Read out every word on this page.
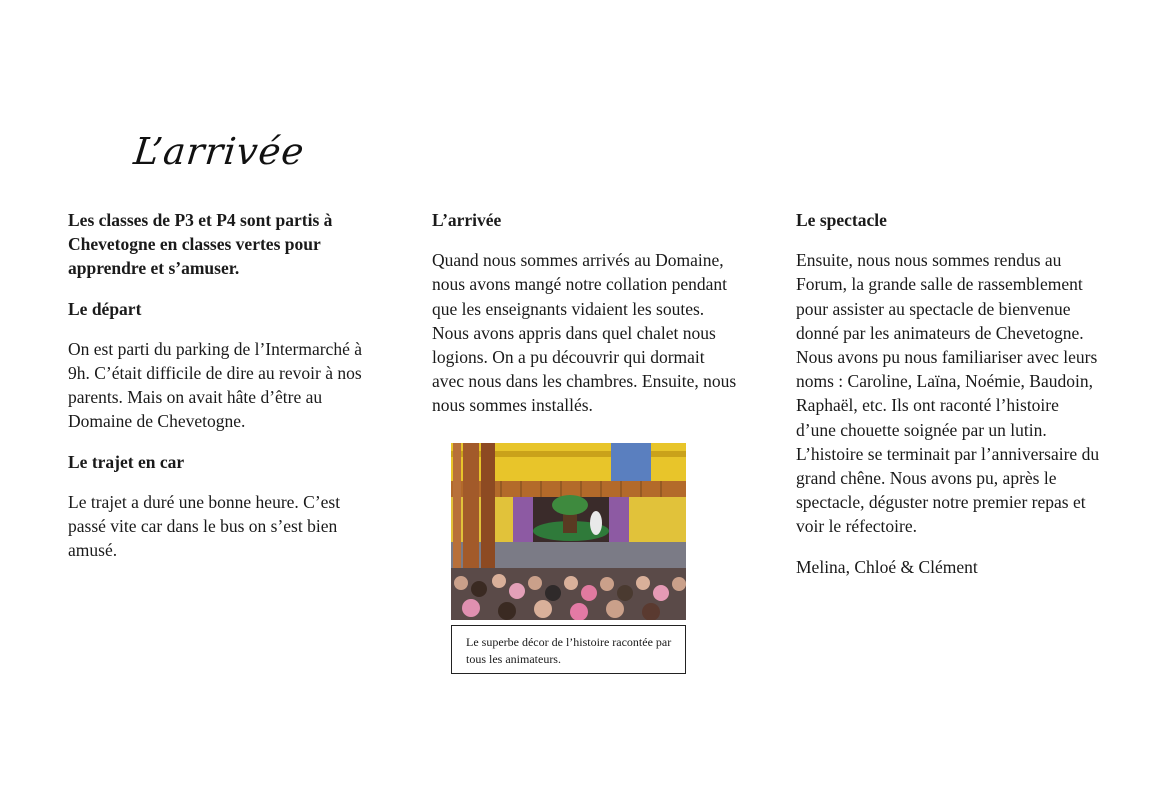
L’arrivée

Les classes de P3 et P4 sont partis à Chevetogne en classes vertes pour apprendre et s’amuser.

Le départ

On est parti du parking de l’Intermarché à 9h. C’était difficile de dire au revoir à nos parents. Mais on avait hâte d’être au Domaine de Chevetogne.

Le trajet en car

Le trajet a duré une bonne heure. C’est passé vite car dans le bus on s’est bien amusé.

L’arrivée

Quand nous sommes arrivés au Domaine, nous avons mangé notre collation pendant que les enseignants vidaient les soutes. Nous avons appris dans quel chalet nous logions. On a pu découvrir qui dormait avec nous dans les chambres. Ensuite, nous nous sommes installés.

Le superbe décor de l’histoire racontée par tous les animateurs.

Le spectacle

Ensuite, nous nous sommes rendus au Forum, la grande salle de rassemblement pour assister au spectacle de bienvenue donné par les animateurs de Chevetogne. Nous avons pu nous familiariser avec leurs noms : Caroline, Laïna, Noémie, Baudoin, Raphaël, etc. Ils ont raconté l’histoire d’une chouette soignée par un lutin. L’histoire se terminait par l’anniversaire du grand chêne. Nous avons pu, après le spectacle, déguster notre premier repas et voir le réfectoire.

Melina, Chloé & Clément
